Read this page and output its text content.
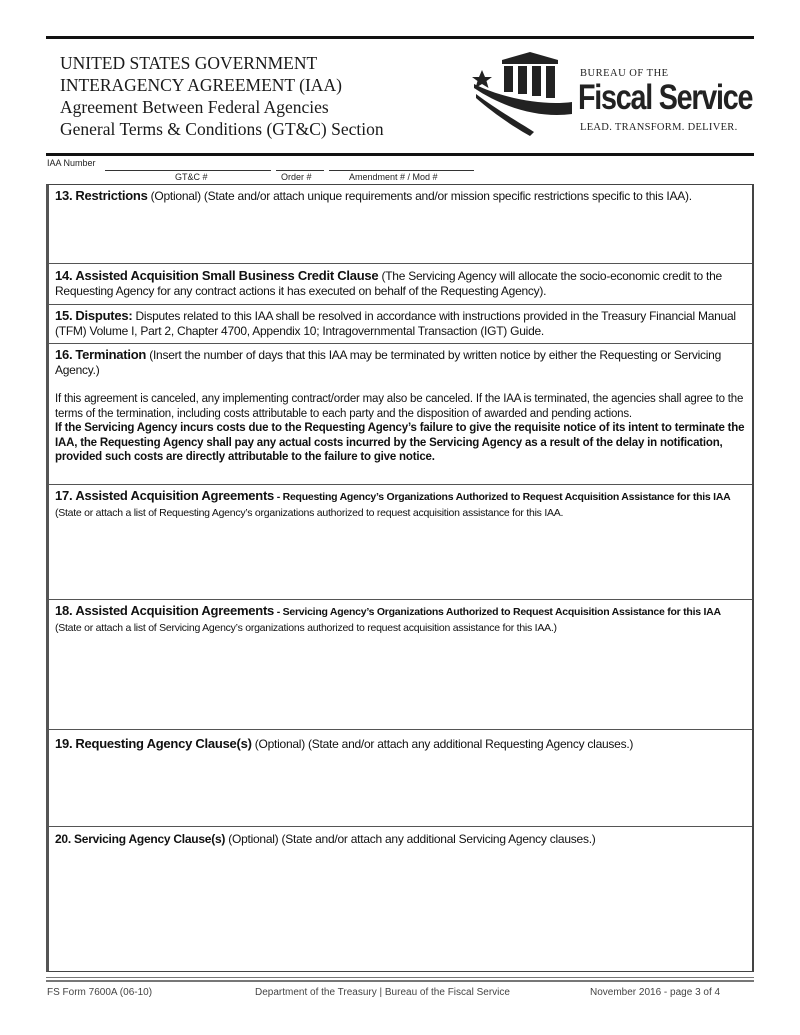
UNITED STATES GOVERNMENT
INTERAGENCY AGREEMENT (IAA)
Agreement Between Federal Agencies
General Terms & Conditions (GT&C) Section
BUREAU OF THE
Fiscal Service
LEAD. TRANSFORM. DELIVER.
IAA Number
GT&C #	Order #	Amendment # / Mod #
13. Restrictions (Optional) (State and/or attach unique requirements and/or mission specific restrictions specific to this IAA).
14. Assisted Acquisition Small Business Credit Clause (The Servicing Agency will allocate the socio-economic credit to the Requesting Agency for any contract actions it has executed on behalf of the Requesting Agency).
15. Disputes: Disputes related to this IAA shall be resolved in accordance with instructions provided in the Treasury Financial Manual (TFM) Volume I, Part 2, Chapter 4700, Appendix 10; Intragovernmental Transaction (IGT) Guide.
16. Termination (Insert the number of days that this IAA may be terminated by written notice by either the Requesting or Servicing Agency.)
If this agreement is canceled, any implementing contract/order may also be canceled. If the IAA is terminated, the agencies shall agree to the terms of the termination, including costs attributable to each party and the disposition of awarded and pending actions.
If the Servicing Agency incurs costs due to the Requesting Agency’s failure to give the requisite notice of its intent to terminate the IAA, the Requesting Agency shall pay any actual costs incurred by the Servicing Agency as a result of the delay in notification, provided such costs are directly attributable to the failure to give notice.
17. Assisted Acquisition Agreements - Requesting Agency’s Organizations Authorized to Request Acquisition Assistance for this IAA (State or attach a list of Requesting Agency’s organizations authorized to request acquisition assistance for this IAA.
18. Assisted Acquisition Agreements - Servicing Agency’s Organizations Authorized to Request Acquisition Assistance for this IAA (State or attach a list of Servicing Agency’s organizations authorized to request acquisition assistance for this IAA.)
19. Requesting Agency Clause(s) (Optional) (State and/or attach any additional Requesting Agency clauses.)
20. Servicing Agency Clause(s) (Optional) (State and/or attach any additional Servicing Agency clauses.)
FS Form 7600A (06-10)	Department of the Treasury | Bureau of the Fiscal Service	November 2016 - page 3 of 4
